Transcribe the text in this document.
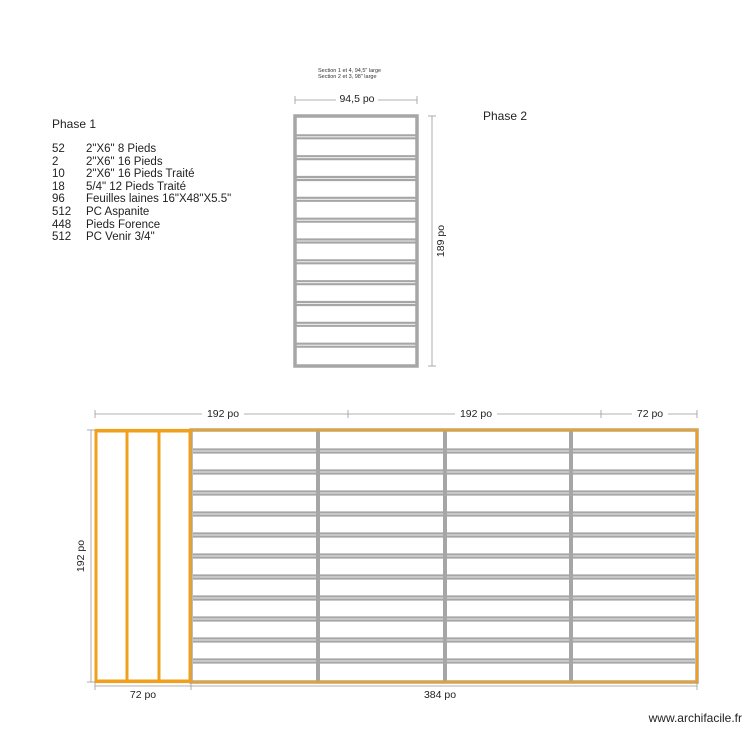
Section 1 et 4, 94,5" large
Section 2 et 3, 98" large
Phase 1
Phase 2
52	2"X6" 8 Pieds
2	2"X6" 16 Pieds
10	2"X6" 16 Pieds Traité
18	5/4" 12 Pieds Traité
96	Feuilles laines 16"X48"X5.5"
512	PC Aspanite
448	Pieds Forence
512	PC Venir 3/4"
94,5 po
189 po
192 po	192 po	72 po
192 po
72 po	384 po
www.archifacile.fr
